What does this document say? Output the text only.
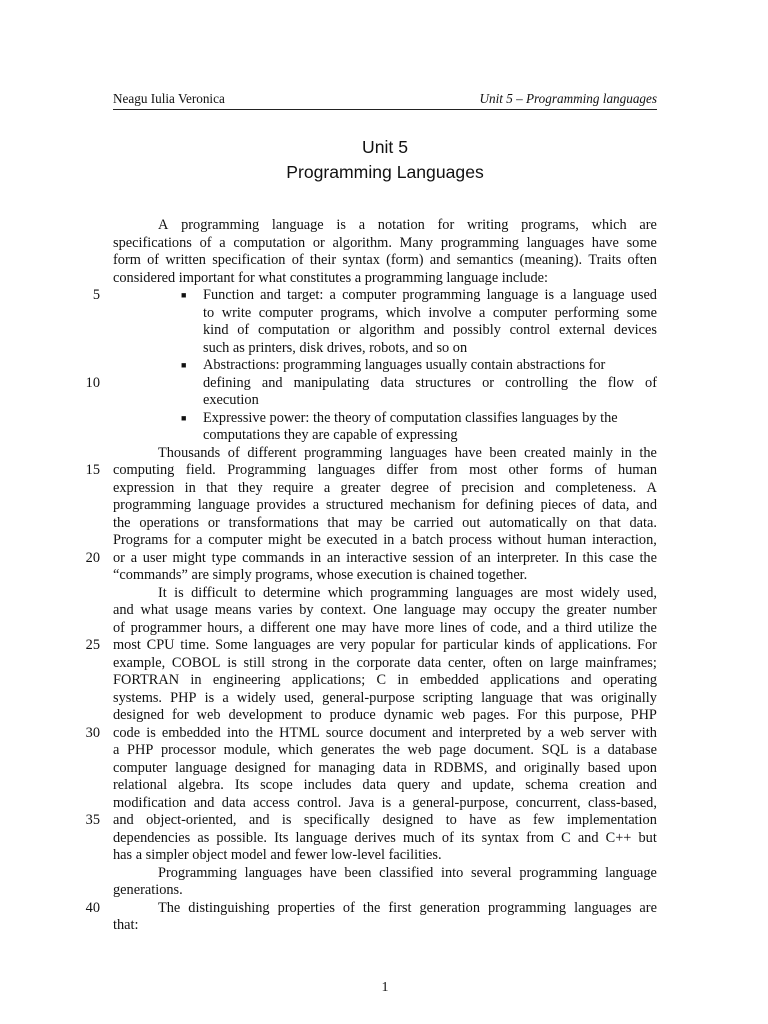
Neagu Iulia Veronica	Unit 5 – Programming languages
Unit 5
Programming Languages
5
10
15
20
25
30
35
40
A programming language is a notation for writing programs, which are
specifications of a computation or algorithm. Many programming languages have some
form of written specification of their syntax (form) and semantics (meaning). Traits often
considered important for what constitutes a programming language include:
■	Function and target: a computer programming language is a language used
to write computer programs, which involve a computer performing some
kind of computation or algorithm and possibly control external devices
such as printers, disk drives, robots, and so on
■	Abstractions: programming languages usually contain abstractions for
defining and manipulating data structures or controlling the flow of
execution
■	Expressive power: the theory of computation classifies languages by the
computations they are capable of expressing
Thousands of different programming languages have been created mainly in the
computing field. Programming languages differ from most other forms of human
expression in that they require a greater degree of precision and completeness. A
programming language provides a structured mechanism for defining pieces of data, and
the operations or transformations that may be carried out automatically on that data.
Programs for a computer might be executed in a batch process without human interaction,
or a user might type commands in an interactive session of an interpreter. In this case the
“commands” are simply programs, whose execution is chained together.
It is difficult to determine which programming languages are most widely used,
and what usage means varies by context. One language may occupy the greater number
of programmer hours, a different one may have more lines of code, and a third utilize the
most CPU time. Some languages are very popular for particular kinds of applications. For
example, COBOL is still strong in the corporate data center, often on large mainframes;
FORTRAN in engineering applications; C in embedded applications and operating
systems. PHP is a widely used, general-purpose scripting language that was originally
designed for web development to produce dynamic web pages. For this purpose, PHP
code is embedded into the HTML source document and interpreted by a web server with
a PHP processor module, which generates the web page document. SQL is a database
computer language designed for managing data in RDBMS, and originally based upon
relational algebra. Its scope includes data query and update, schema creation and
modification and data access control. Java is a general-purpose, concurrent, class-based,
and object-oriented, and is specifically designed to have as few implementation
dependencies as possible. Its language derives much of its syntax from C and C++ but
has a simpler object model and fewer low-level facilities.
Programming languages have been classified into several programming language
generations.
The distinguishing properties of the first generation programming languages are
that:
1
